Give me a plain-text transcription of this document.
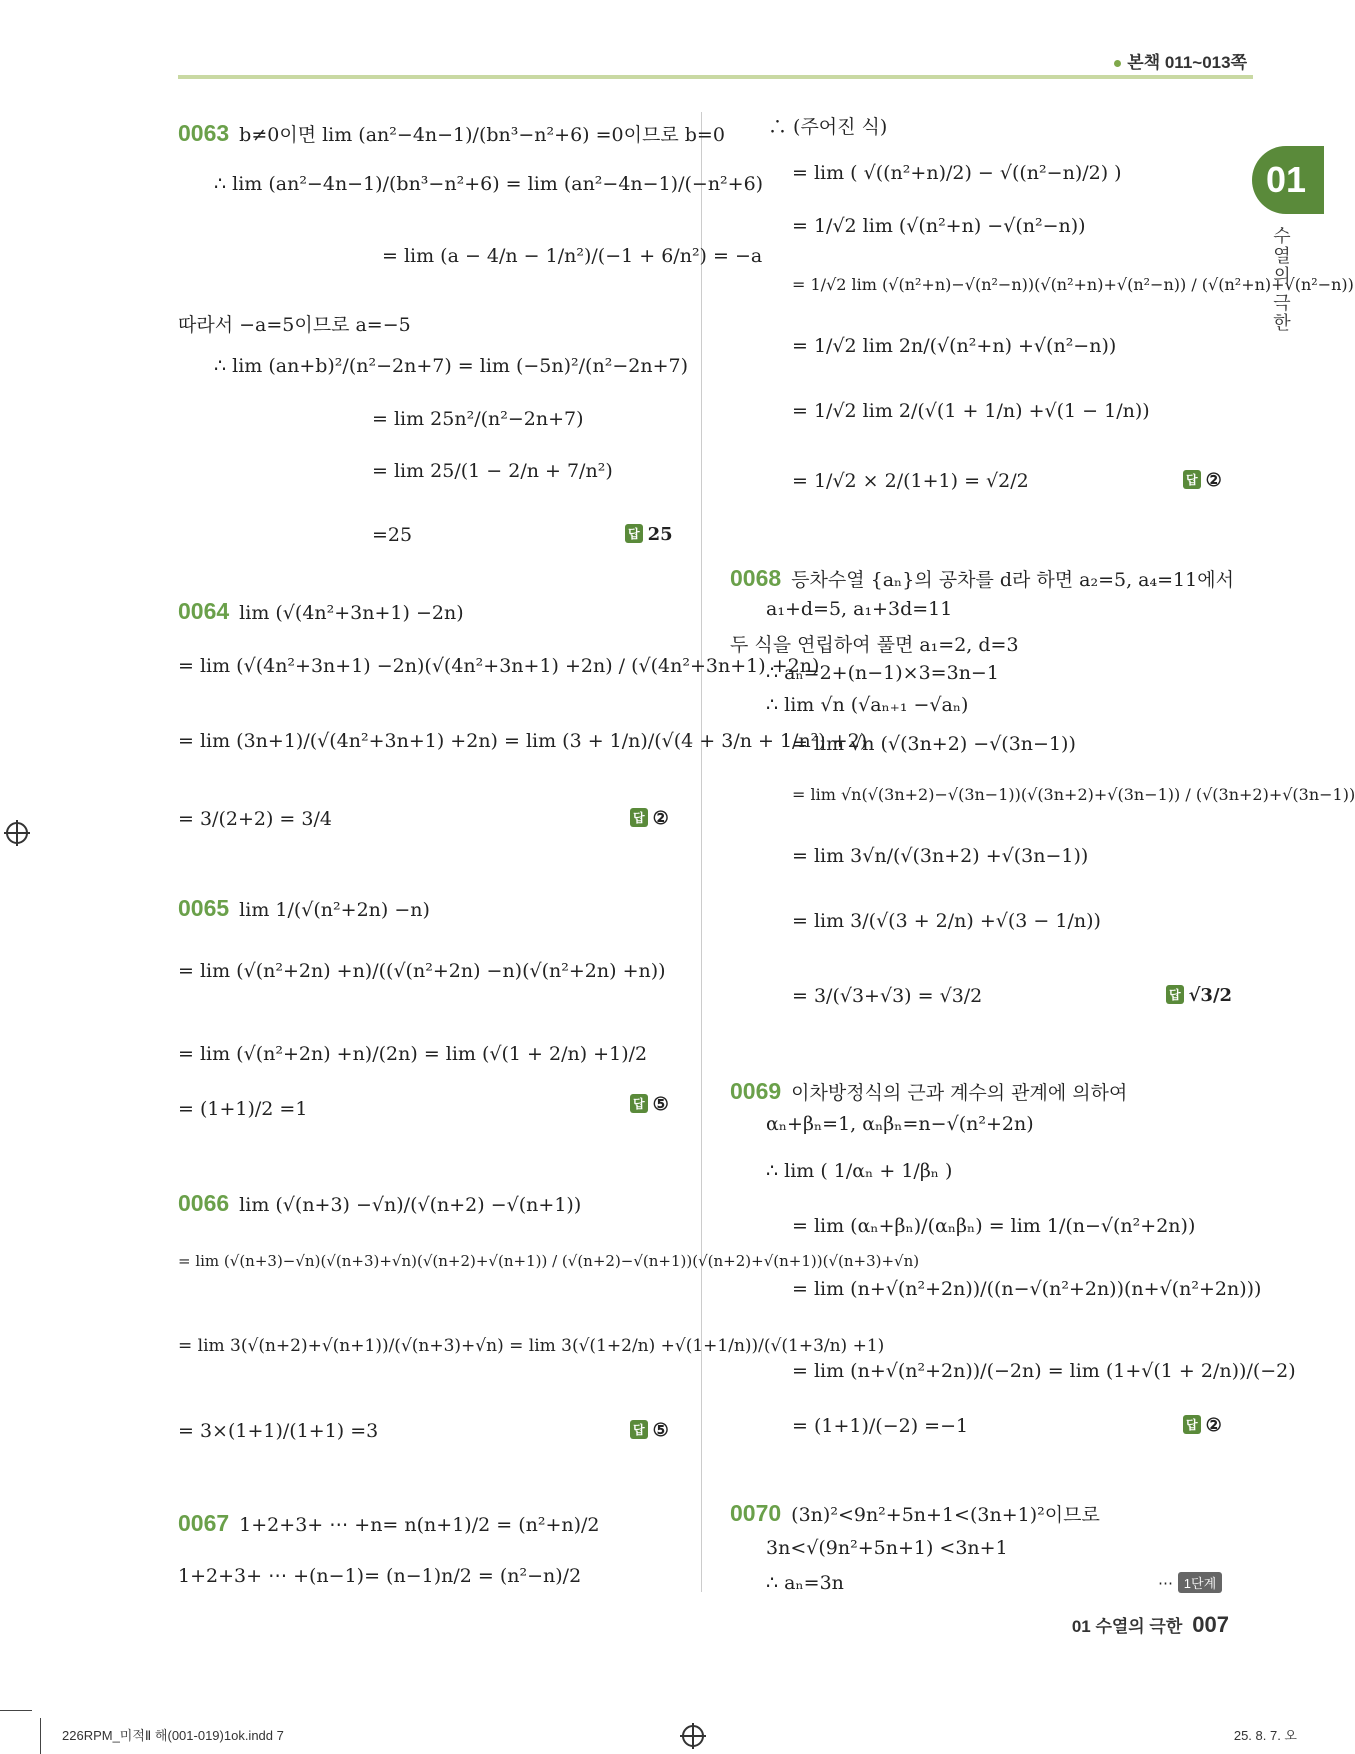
본책 011~013쪽
01
수열의 극한
0063 b≠0이면 lim (an²−4n−1)/(bn³−n²+6) =0이므로 b=0
∴ lim (an²−4n−1)/(bn³−n²+6) = lim (an²−4n−1)/(−n²+6)
= lim (a − 4/n − 1/n²)/(−1 + 6/n²) = −a
따라서 −a=5이므로 a=−5
∴ lim (an+b)²/(n²−2n+7) = lim (−5n)²/(n²−2n+7)
= lim 25n²/(n²−2n+7)
= lim 25/(1 − 2/n + 7/n²)
=25	답 25
0064 lim (√(4n²+3n+1) −2n)
= lim (√(4n²+3n+1) −2n)(√(4n²+3n+1) +2n) / (√(4n²+3n+1) +2n)
= lim (3n+1)/(√(4n²+3n+1) +2n) = lim (3 + 1/n)/(√(4 + 3/n + 1/n²) +2)
= 3/(2+2) = 3/4	답 ②
0065 lim 1/(√(n²+2n) −n)
= lim (√(n²+2n) +n)/((√(n²+2n) −n)(√(n²+2n) +n))
= lim (√(n²+2n) +n)/(2n) = lim (√(1 + 2/n) +1)/2
= (1+1)/2 =1	답 ⑤
0066 lim (√(n+3) −√n)/(√(n+2) −√(n+1))
= lim (√(n+3)−√n)(√(n+3)+√n)(√(n+2)+√(n+1)) / (√(n+2)−√(n+1))(√(n+2)+√(n+1))(√(n+3)+√n)
= lim 3(√(n+2)+√(n+1))/(√(n+3)+√n) = lim 3(√(1+2/n) +√(1+1/n))/(√(1+3/n) +1)
= 3×(1+1)/(1+1) =3	답 ⑤
0067 1+2+3+ ⋯ +n= n(n+1)/2 = (n²+n)/2
1+2+3+ ⋯ +(n−1)= (n−1)n/2 = (n²−n)/2
∴ (주어진 식)
= lim ( √((n²+n)/2) − √((n²−n)/2) )
= 1/√2 lim (√(n²+n) −√(n²−n))
= 1/√2 lim (√(n²+n)−√(n²−n))(√(n²+n)+√(n²−n)) / (√(n²+n)+√(n²−n))
= 1/√2 lim 2n/(√(n²+n) +√(n²−n))
= 1/√2 lim 2/(√(1 + 1/n) +√(1 − 1/n))
= 1/√2 × 2/(1+1) = √2/2	답 ②
0068 등차수열 {aₙ}의 공차를 d라 하면 a₂=5, a₄=11에서
a₁+d=5, a₁+3d=11
두 식을 연립하여 풀면 a₁=2, d=3
∴ aₙ=2+(n−1)×3=3n−1
∴ lim √n (√aₙ₊₁ −√aₙ)
= lim √n (√(3n+2) −√(3n−1))
= lim √n(√(3n+2)−√(3n−1))(√(3n+2)+√(3n−1)) / (√(3n+2)+√(3n−1))
= lim 3√n/(√(3n+2) +√(3n−1))
= lim 3/(√(3 + 2/n) +√(3 − 1/n))
= 3/(√3+√3) = √3/2	답 √3/2
0069 이차방정식의 근과 계수의 관계에 의하여
αₙ+βₙ=1, αₙβₙ=n−√(n²+2n)
∴ lim ( 1/αₙ + 1/βₙ )
= lim (αₙ+βₙ)/(αₙβₙ) = lim 1/(n−√(n²+2n))
= lim (n+√(n²+2n))/((n−√(n²+2n))(n+√(n²+2n)))
= lim (n+√(n²+2n))/(−2n) = lim (1+√(1 + 2/n))/(−2)
= (1+1)/(−2) =−1	답 ②
0070 (3n)²<9n²+5n+1<(3n+1)²이므로
3n<√(9n²+5n+1) <3n+1
∴ aₙ=3n	⋯ 1단계
01 수열의 극한 007
226RPM_미적Ⅱ 해(001-019)1ok.indd 7	25. 8. 7. 오
